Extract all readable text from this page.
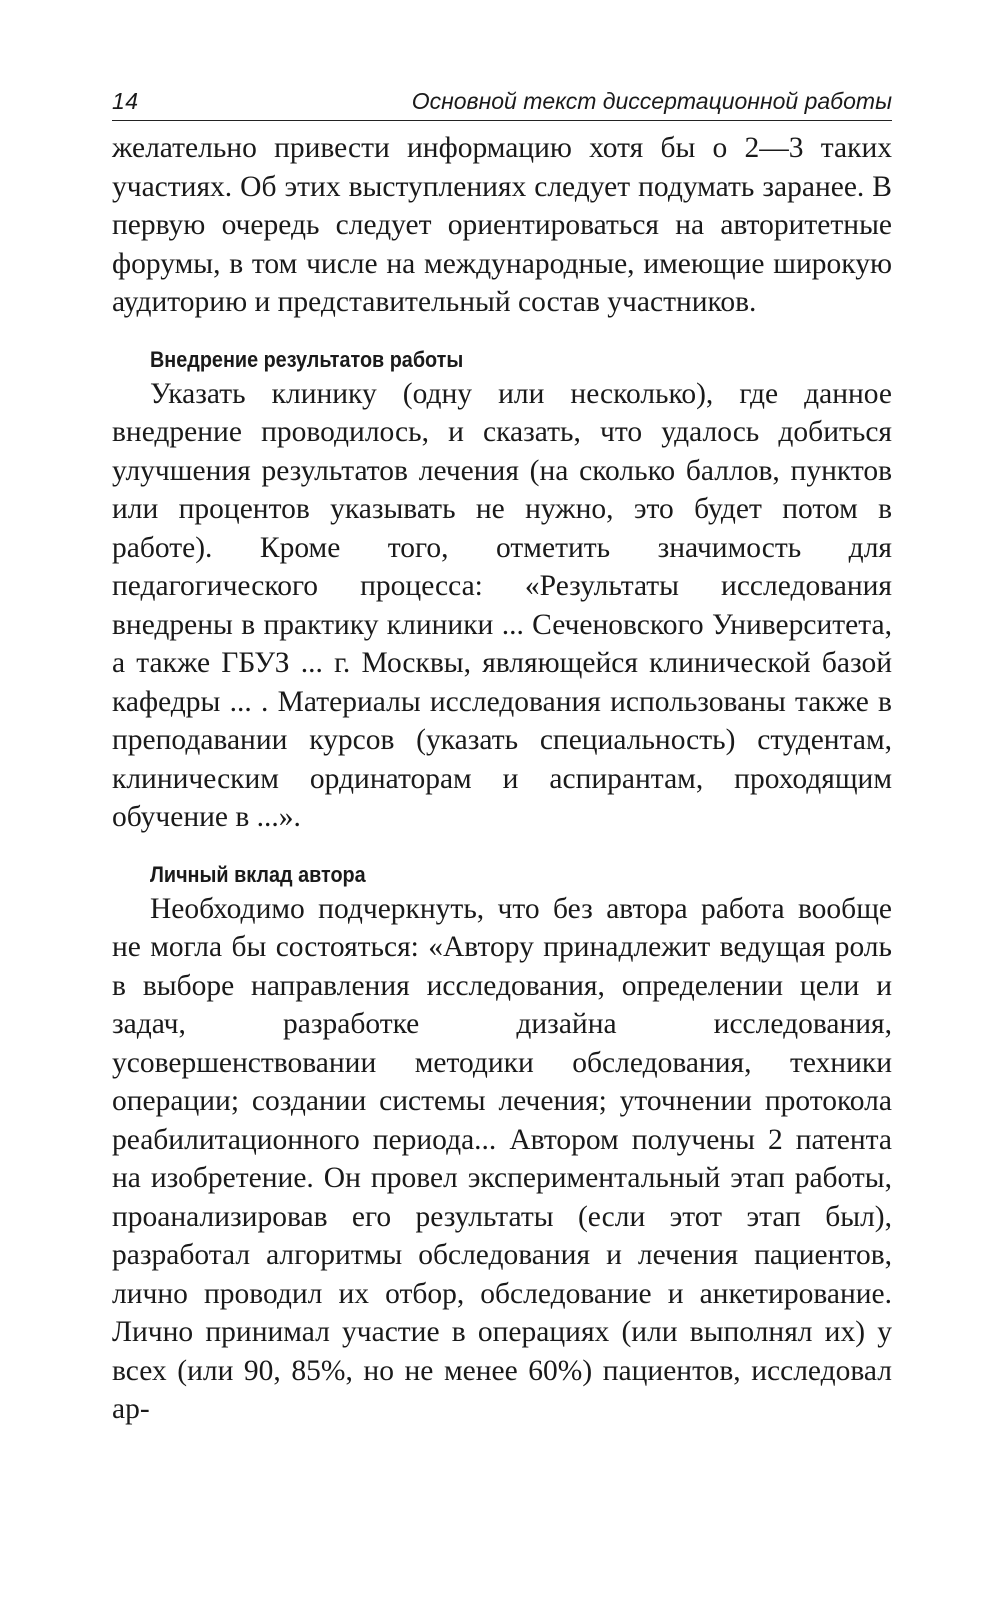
14	Основной текст диссертационной работы

желательно привести информацию хотя бы о 2—3 таких участиях. Об этих выступлениях следует подумать заранее. В первую очередь следует ориентироваться на авторитетные форумы, в том числе на международные, имеющие широкую аудиторию и представительный состав участников.

Внедрение результатов работы

Указать клинику (одну или несколько), где данное внедрение проводилось, и сказать, что удалось добиться улучшения результатов лечения (на сколько баллов, пунктов или процентов указывать не нужно, это будет потом в работе). Кроме того, отметить значимость для педагогического процесса: «Результаты исследования внедрены в практику клиники ... Сеченовского Университета, а также ГБУЗ ... г. Москвы, являющейся клинической базой кафедры ... . Материалы исследования использованы также в преподавании курсов (указать специальность) студентам, клиническим ординаторам и аспирантам, проходящим обучение в ...».

Личный вклад автора

Необходимо подчеркнуть, что без автора работа вообще не могла бы состояться: «Автору принадлежит ведущая роль в выборе направления исследования, определении цели и задач, разработке дизайна исследования, усовершенствовании методики обследования, техники операции; создании системы лечения; уточнении протокола реабилитационного периода... Автором получены 2 патента на изобретение. Он провел экспериментальный этап работы, проанализировав его результаты (если этот этап был), разработал алгоритмы обследования и лечения пациентов, лично проводил их отбор, обследование и анкетирование. Лично принимал участие в операциях (или выполнял их) у всех (или 90, 85%, но не менее 60%) пациентов, исследовал ар-
